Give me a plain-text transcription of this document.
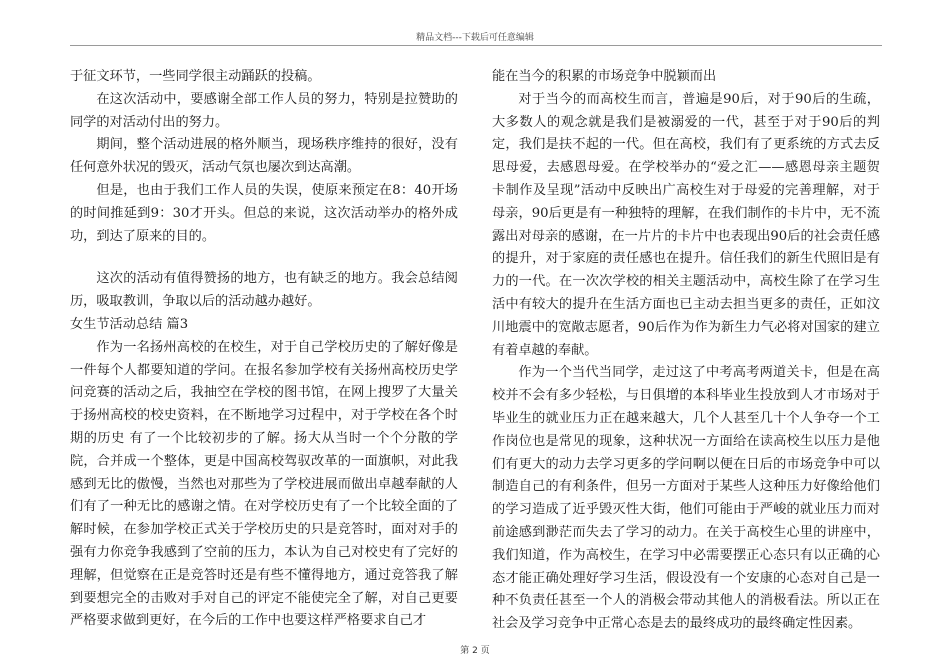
精品文档---下载后可任意编辑

于征文环节，一些同学很主动踊跃的投稿。

在这次活动中，要感谢全部工作人员的努力，特别是拉赞助的同学的对活动付出的努力。

期间，整个活动进展的格外顺当，现场秩序维持的很好，没有任何意外状况的毁灭，活动气氛也屡次到达高潮。

但是，也由于我们工作人员的失误，使原来预定在8：40开场的时间推延到9：30才开头。但总的来说，这次活动举办的格外成功，到达了原来的目的。

这次的活动有值得赞扬的地方，也有缺乏的地方。我会总结阅历，吸取教训，争取以后的活动越办越好。

女生节活动总结 篇3

作为一名扬州高校的在校生，对于自己学校历史的了解好像是一件每个人都要知道的学问。在报名参加学校有关扬州高校历史学问竞赛的活动之后，我抽空在学校的图书馆，在网上搜罗了大量关于扬州高校的校史资料，在不断地学习过程中，对于学校在各个时期的历史 有了一个比较初步的了解。扬大从当时一个个分散的学院，合并成一个整体，更是中国高校驾驭改革的一面旗帜，对此我感到无比的傲慢，当然也对那些为了学校进展而做出卓越奉献的人们有了一种无比的感谢之情。在对学校历史有了一个比较全面的了解时候，在参加学校正式关于学校历史的只是竞答时，面对对手的强有力你竞争我感到了空前的压力，本认为自己对校史有了完好的理解，但觉察在正是竞答时还是有些不懂得地方，通过竞答我了解到要想完全的击败对手对自己的评定不能使完全了解，对自己更要严格要求做到更好，在今后的工作中也要这样严格要求自己才

能在当今的积累的市场竞争中脱颖而出

对于当今的而高校生而言，普遍是90后，对于90后的生疏，大多数人的观念就是我们是被溺爱的一代，甚至于对于90后的判定，我们是扶不起的一代。但在高校，我们有了更系统的方式去反思母爱，去感恩母爱。在学校举办的“爱之汇——感恩母亲主题贺卡制作及呈现”活动中反映出广高校生对于母爱的完善理解，对于母亲，90后更是有一种独特的理解，在我们制作的卡片中，无不流露出对母亲的感谢，在一片片的卡片中也表现出90后的社会责任感的提升，对于家庭的责任感也在提升。信任我们的新生代照旧是有力的一代。在一次次学校的相关主题活动中，高校生除了在学习生活中有较大的提升在生活方面也已主动去担当更多的责任，正如汶川地震中的宽敞志愿者，90后作为作为新生力气必将对国家的建立有着卓越的奉献。

作为一个当代当同学，走过这了中考高考两道关卡，但是在高校并不会有多少轻松，与日俱增的本科毕业生投放到人才市场对于毕业生的就业压力正在越来越大，几个人甚至几十个人争夺一个工作岗位也是常见的现象，这种状况一方面给在读高校生以压力是他们有更大的动力去学习更多的学问啊以便在日后的市场竞争中可以制造自己的有利条件，但另一方面对于某些人这种压力好像给他们的学习造成了近乎毁灭性大街，他们可能由于严峻的就业压力而对前途感到渺茫而失去了学习的动力。在关于高校生心里的讲座中，我们知道，作为高校生，在学习中必需要摆正心态只有以正确的心态才能正确处理好学习生活，假设没有一个安康的心态对自己是一种不负责任甚至一个人的消极会带动其他人的消极看法。所以正在社会及学习竞争中正常心态是去的最终成功的最终确定性因素。

第 2 页
